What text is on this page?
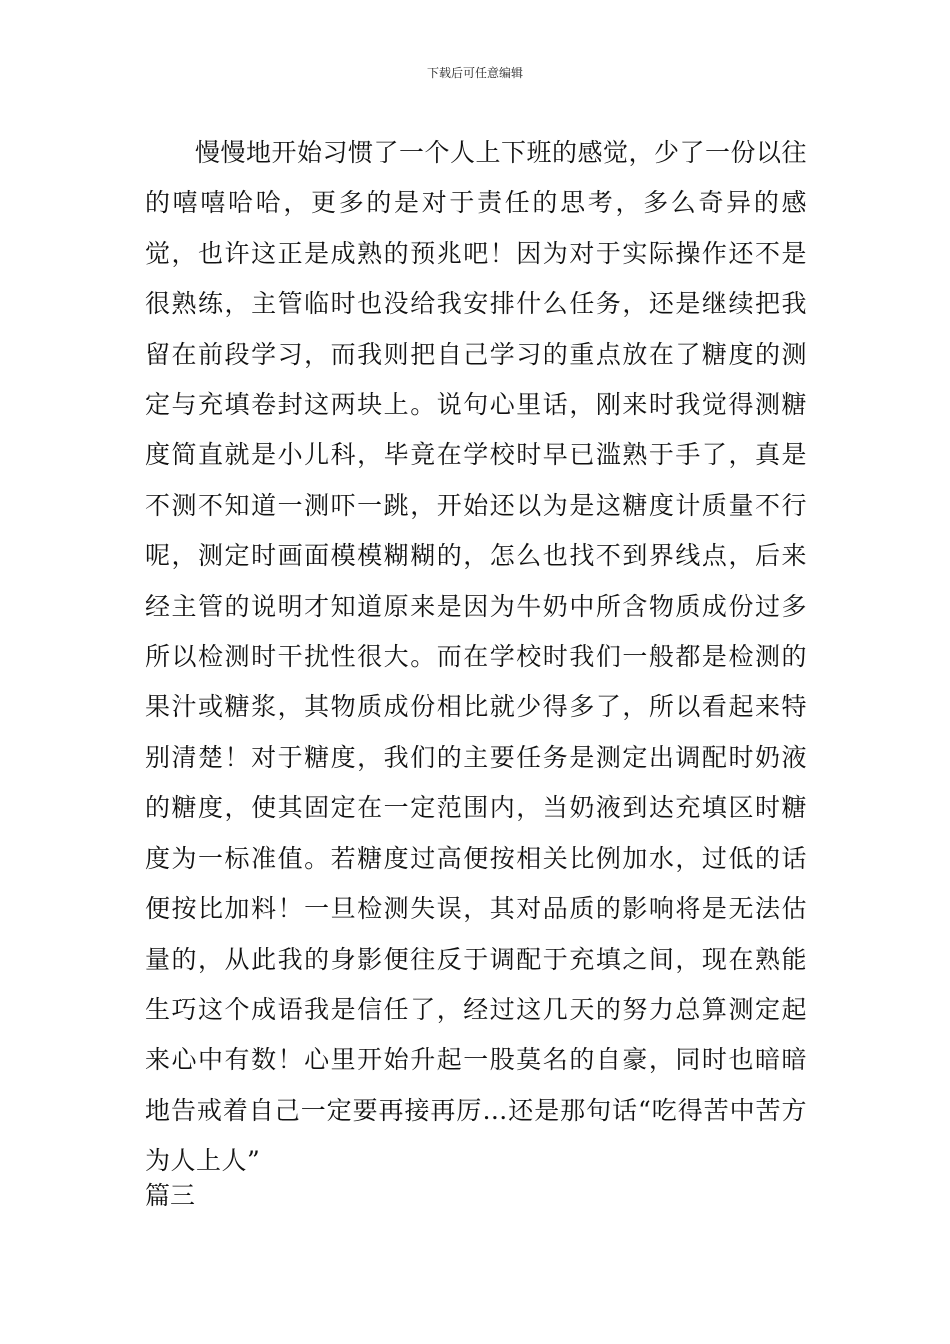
下载后可任意编辑

慢慢地开始习惯了一个人上下班的感觉，少了一份以往的嘻嘻哈哈，更多的是对于责任的思考，多么奇异的感觉，也许这正是成熟的预兆吧！因为对于实际操作还不是很熟练，主管临时也没给我安排什么任务，还是继续把我留在前段学习，而我则把自己学习的重点放在了糖度的测定与充填卷封这两块上。说句心里话，刚来时我觉得测糖度简直就是小儿科，毕竟在学校时早已滥熟于手了，真是不测不知道一测吓一跳，开始还以为是这糖度计质量不行呢，测定时画面模模糊糊的，怎么也找不到界线点，后来经主管的说明才知道原来是因为牛奶中所含物质成份过多所以检测时干扰性很大。而在学校时我们一般都是检测的果汁或糖浆，其物质成份相比就少得多了，所以看起来特别清楚！对于糖度，我们的主要任务是测定出调配时奶液的糖度，使其固定在一定范围内，当奶液到达充填区时糖度为一标准值。若糖度过高便按相关比例加水，过低的话便按比加料！一旦检测失误，其对品质的影响将是无法估量的，从此我的身影便往反于调配于充填之间，现在熟能生巧这个成语我是信任了，经过这几天的努力总算测定起来心中有数！心里开始升起一股莫名的自豪，同时也暗暗地告戒着自己一定要再接再厉…还是那句话“吃得苦中苦方为人上人”

篇三
